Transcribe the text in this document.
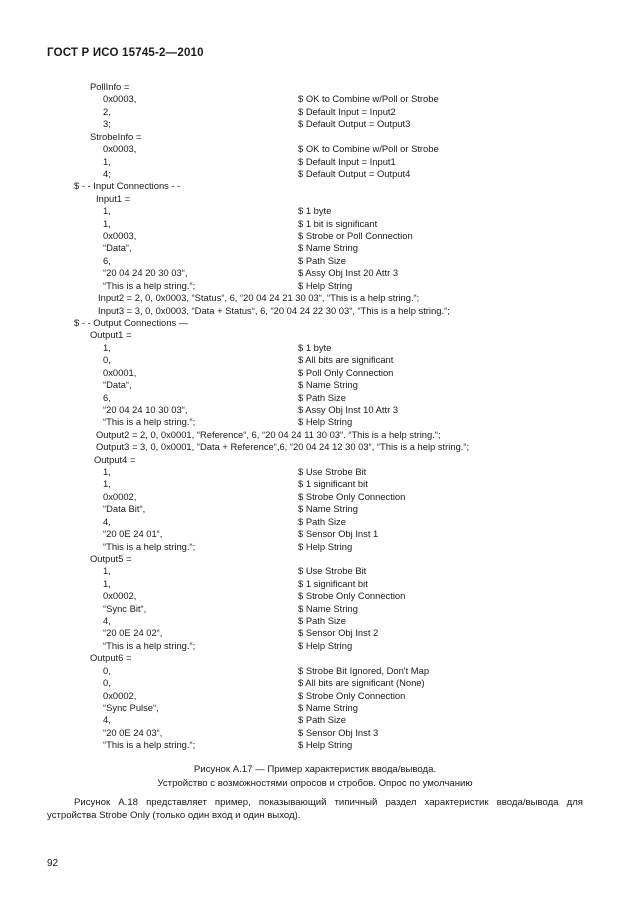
ГОСТ Р ИСО 15745-2—2010
PollInfo =
0x0003,	$ OK to Combine w/Poll or Strobe
2,	$ Default Input = Input2
3;	$ Default Output = Output3
StrobeInfo =
0x0003,	$ OK to Combine w/Poll or Strobe
1,	$ Default Input = Input1
4;	$ Default Output = Output4
$ - - Input Connections - -
Input1 =
1,	$ 1 byte
1,	$ 1 bit is significant
0x0003,	$ Strobe or Poll Connection
“Data“,	$ Name String
6,	$ Path Size
“20 04 24 20 30 03“,	$ Assy Obj Inst 20 Attr 3
“This is a help string.“;	$ Help String
Input2 = 2, 0, 0x0003, “Status“, 6, “20 04 24 21 30 03“, “This is a help string.“;
Input3 = 3, 0, 0x0003, “Data + Status“, 6, “20 04 24 22 30 03“, “This is a help string.“;
$ - - Output Connections —
Output1 =
1,	$ 1 byte
0,	$ All bits are significant
0x0001,	$ Poll Only Connection
“Data“,	$ Name String
6,	$ Path Size
“20 04 24 10 30 03“,	$ Assy Obj Inst 10 Attr 3
“This is a help string.“;	$ Help String
Output2 = 2, 0, 0x0001, “Reference“, 6, “20 04 24 11 30 03“. “This is a help string.“;
Output3 = 3, 0, 0x0001, “Data + Reference“,6, “20 04 24 12 30 03“, “This is a help string.“;
Output4 =
1,	$ Use Strobe Bit
1,	$ 1 significant bit
0x0002,	$ Strobe Only Connection
“Data Bit“,	$ Name String
4,	$ Path Size
“20 0E 24 01“,	$ Sensor Obj Inst 1
“This is a help string.“;	$ Help String
Output5 =
1,	$ Use Strobe Bit
1,	$ 1 significant bit
0x0002,	$ Strobe Only Connection
“Sync Bit“,	$ Name String
4,	$ Path Size
“20 0E 24 02“,	$ Sensor Obj Inst 2
“This is a help string.“;	$ Help String
Output6 =
0,	$ Strobe Bit Ignored, Don't Map
0,	$ All bits are significant (None)
0x0002,	$ Strobe Only Connection
“Sync Pulse“,	$ Name String
4,	$ Path Size
“20 0E 24 03“,	$ Sensor Obj Inst 3
“This is a help string.“;	$ Help String
Рисунок A.17 — Пример характеристик ввода/вывода.
Устройство с возможностями опросов и стробов. Опрос по умолчанию
Рисунок A.18 представляет пример, показывающий типичный раздел характеристик ввода/вывода для устройства Strobe Only (только один вход и один выход).
92
